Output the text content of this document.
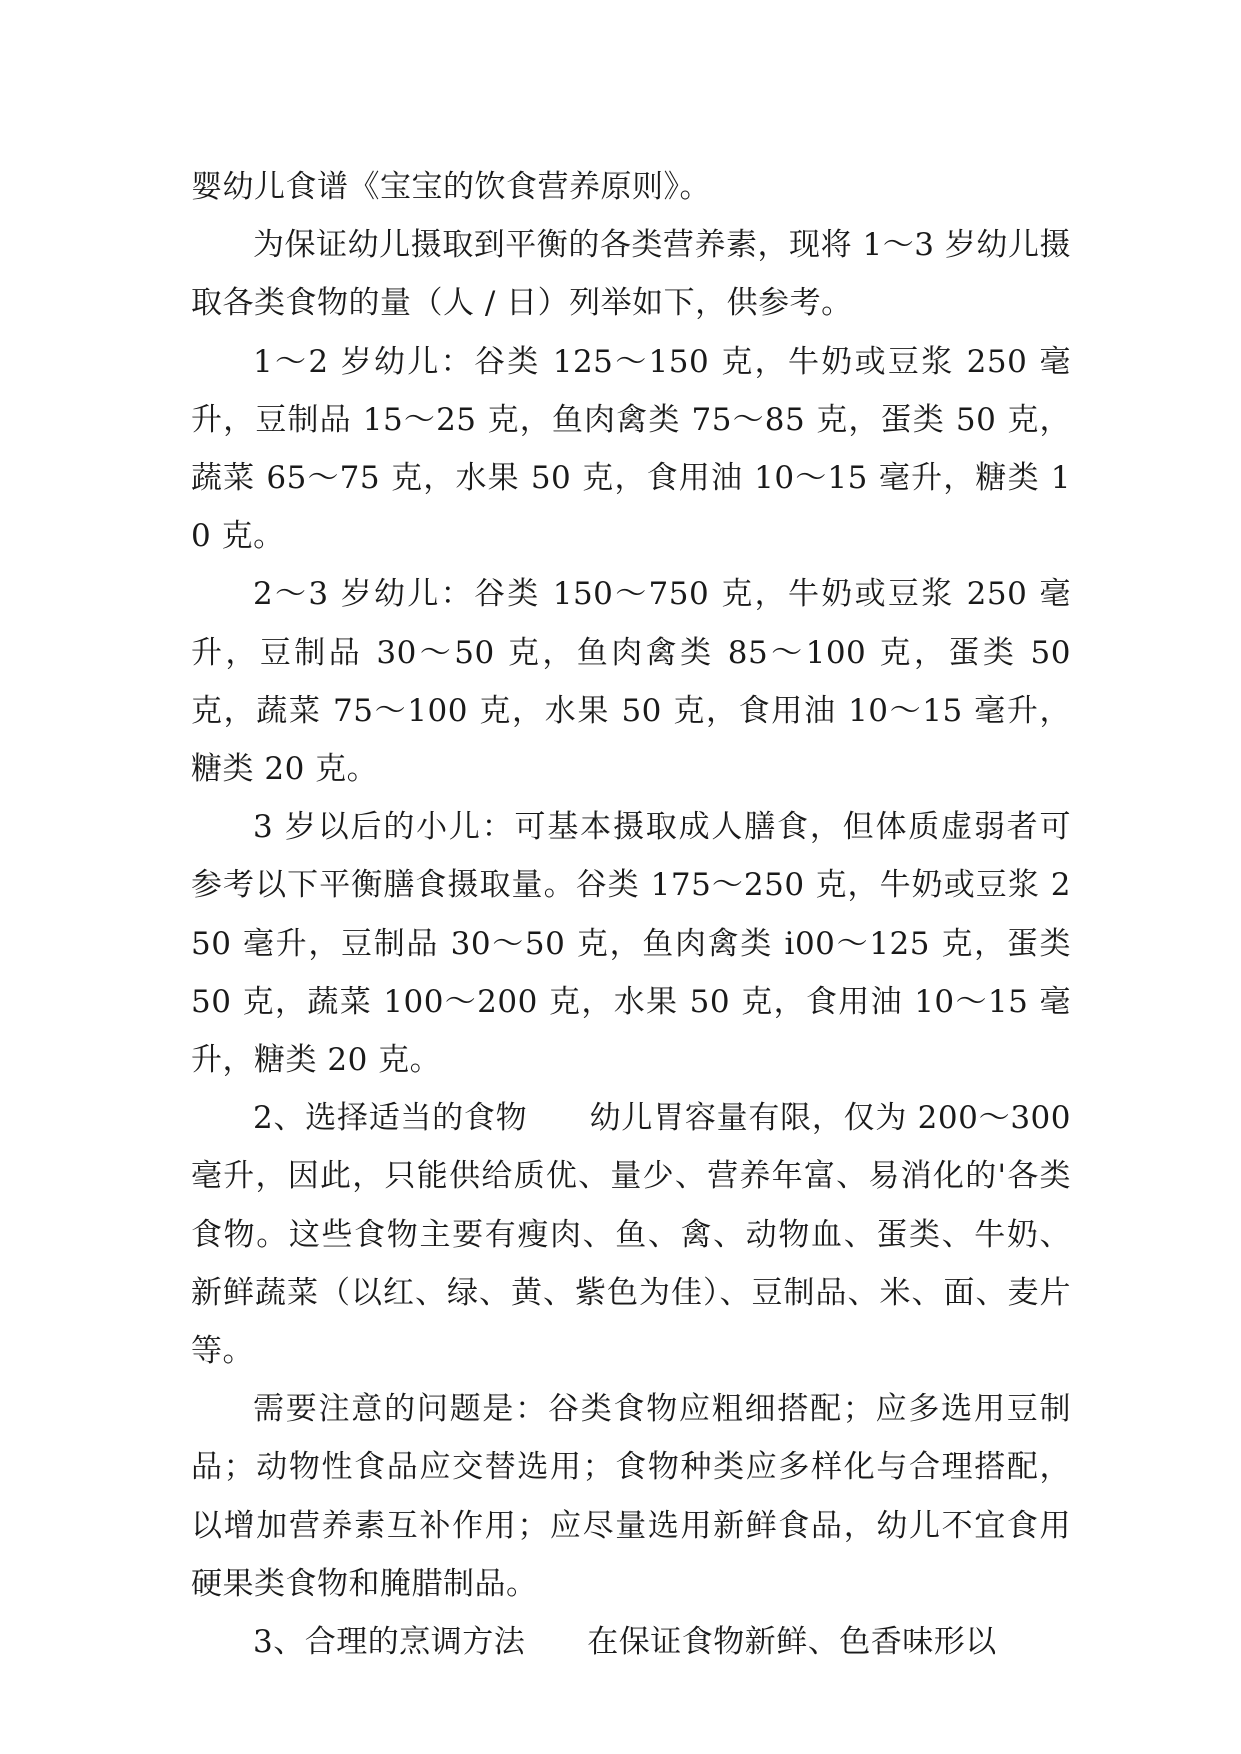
婴幼儿食谱《宝宝的饮食营养原则》。

为保证幼儿摄取到平衡的各类营养素，现将 1～3 岁幼儿摄取各类食物的量（人 / 日）列举如下，供参考。

1～2 岁幼儿：谷类 125～150 克，牛奶或豆浆 250 毫升，豆制品 15～25 克，鱼肉禽类 75～85 克，蛋类 50 克，蔬菜 65～75 克，水果 50 克，食用油 10～15 毫升，糖类 10 克。

2～3 岁幼儿：谷类 150～750 克，牛奶或豆浆 250 毫升，豆制品 30～50 克，鱼肉禽类 85～100 克，蛋类 50 克，蔬菜 75～100 克，水果 50 克，食用油 10～15 毫升，糖类 20 克。

3 岁以后的小儿：可基本摄取成人膳食，但体质虚弱者可参考以下平衡膳食摄取量。谷类 175～250 克，牛奶或豆浆 250 毫升，豆制品 30～50 克，鱼肉禽类 i00～125 克，蛋类 50 克，蔬菜 100～200 克，水果 50 克，食用油 10～15 毫升，糖类 20 克。

2、选择适当的食物 幼儿胃容量有限，仅为 200～300 毫升，因此，只能供给质优、量少、营养年富、易消化的'各类食物。这些食物主要有瘦肉、鱼、禽、动物血、蛋类、牛奶、新鲜蔬菜（以红、绿、黄、紫色为佳）、豆制品、米、面、麦片等。

需要注意的问题是：谷类食物应粗细搭配；应多选用豆制品；动物性食品应交替选用；食物种类应多样化与合理搭配，以增加营养素互补作用；应尽量选用新鲜食品，幼儿不宜食用硬果类食物和腌腊制品。

3、合理的烹调方法 在保证食物新鲜、色香味形以
